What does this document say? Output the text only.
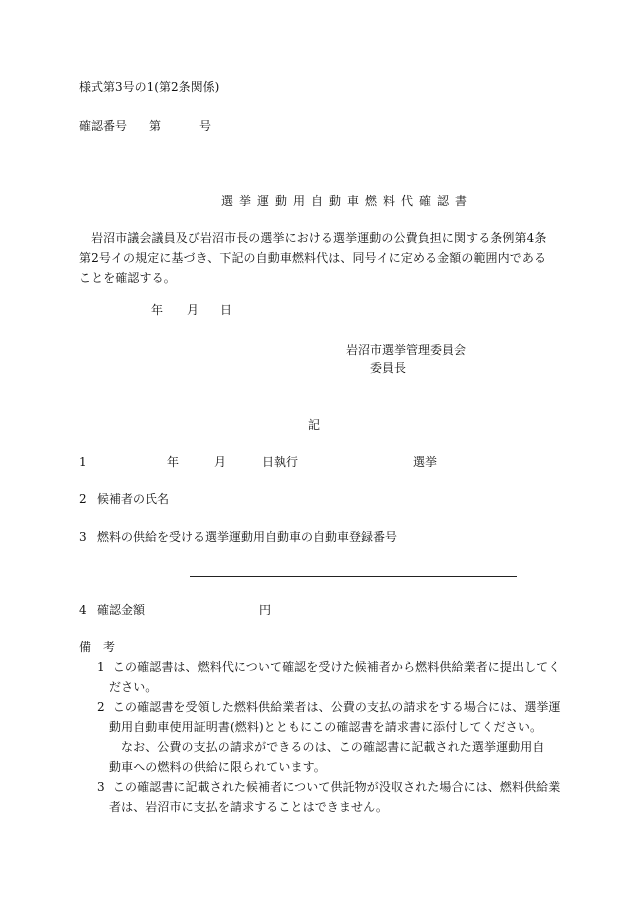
様式第3号の1(第2条関係)
確認番号 第	号
選挙運動用自動車燃料代確認書
岩沼市議会議員及び岩沼市長の選挙における選挙運動の公費負担に関する条例第4条第2号イの規定に基づき、下記の自動車燃料代は、同号イに定める金額の範囲内であることを確認する。
年 月 日
岩沼市選挙管理委員会
委員長
記
1	年	月	日執行	選挙
2 候補者の氏名
3 燃料の供給を受ける選挙運動用自動車の自動車登録番号
4 確認金額	円
備　考
1 この確認書は、燃料代について確認を受けた候補者から燃料供給業者に提出してください。
2 この確認書を受領した燃料供給業者は、公費の支払の請求をする場合には、選挙運動用自動車使用証明書(燃料)とともにこの確認書を請求書に添付してください。
なお、公費の支払の請求ができるのは、この確認書に記載された選挙運動用自動車への燃料の供給に限られています。
3 この確認書に記載された候補者について供託物が没収された場合には、燃料供給業者は、岩沼市に支払を請求することはできません。
